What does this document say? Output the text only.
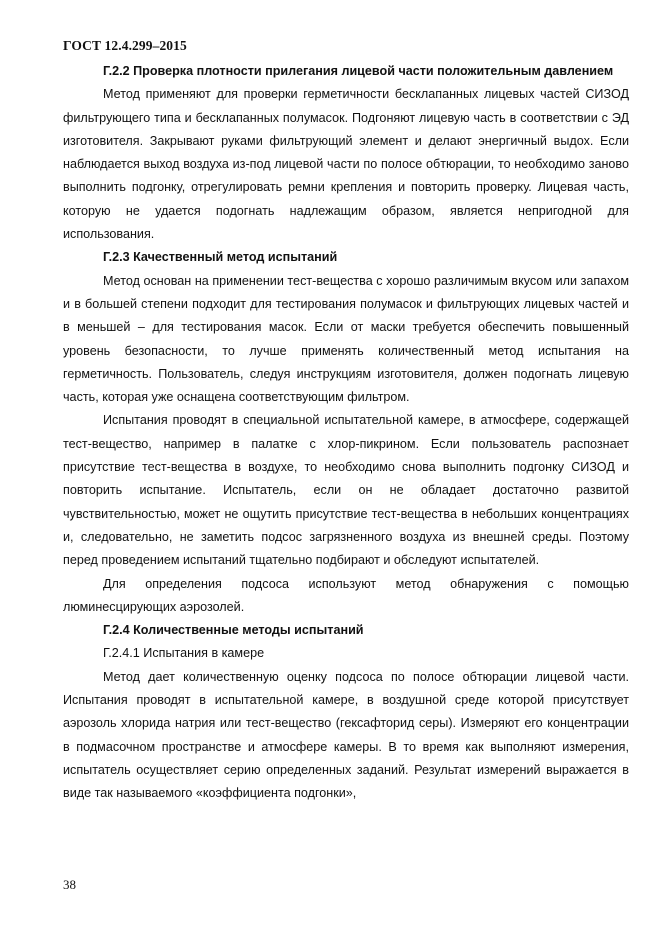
ГОСТ 12.4.299–2015

Г.2.2 Проверка плотности прилегания лицевой части положительным давлением

Метод применяют для проверки герметичности бесклапанных лицевых частей СИЗОД фильтрующего типа и бесклапанных полумасок. Подгоняют лицевую часть в соответствии с ЭД изготовителя. Закрывают руками фильтрующий элемент и делают энергичный выдох. Если наблюдается выход воздуха из-под лицевой части по полосе обтюрации, то необходимо заново выполнить подгонку, отрегулировать ремни крепления и повторить проверку. Лицевая часть, которую не удается подогнать надлежащим образом, является непригодной для использования.

Г.2.3 Качественный метод испытаний

Метод основан на применении тест-вещества с хорошо различимым вкусом или запахом и в большей степени подходит для тестирования полумасок и фильтрующих лицевых частей и в меньшей – для тестирования масок. Если от маски требуется обеспечить повышенный уровень безопасности, то лучше применять количественный метод испытания на герметичность. Пользователь, следуя инструкциям изготовителя, должен подогнать лицевую часть, которая уже оснащена соответствующим фильтром.

Испытания проводят в специальной испытательной камере, в атмосфере, содержащей тест-вещество, например в палатке с хлор-пикрином. Если пользователь распознает присутствие тест-вещества в воздухе, то необходимо снова выполнить подгонку СИЗОД и повторить испытание. Испытатель, если он не обладает достаточно развитой чувствительностью, может не ощутить присутствие тест-вещества в небольших концентрациях и, следовательно, не заметить подсос загрязненного воздуха из внешней среды. Поэтому перед проведением испытаний тщательно подбирают и обследуют испытателей.

Для определения подсоса используют метод обнаружения с помощью люминесцирующих аэрозолей.

Г.2.4 Количественные методы испытаний

Г.2.4.1 Испытания в камере

Метод дает количественную оценку подсоса по полосе обтюрации лицевой части. Испытания проводят в испытательной камере, в воздушной среде которой присутствует аэрозоль хлорида натрия или тест-вещество (гексафторид серы). Измеряют его концентрации в подмасочном пространстве и атмосфере камеры. В то время как выполняют измерения, испытатель осуществляет серию определенных заданий. Результат измерений выражается в виде так называемого «коэффициента подгонки»,

38
